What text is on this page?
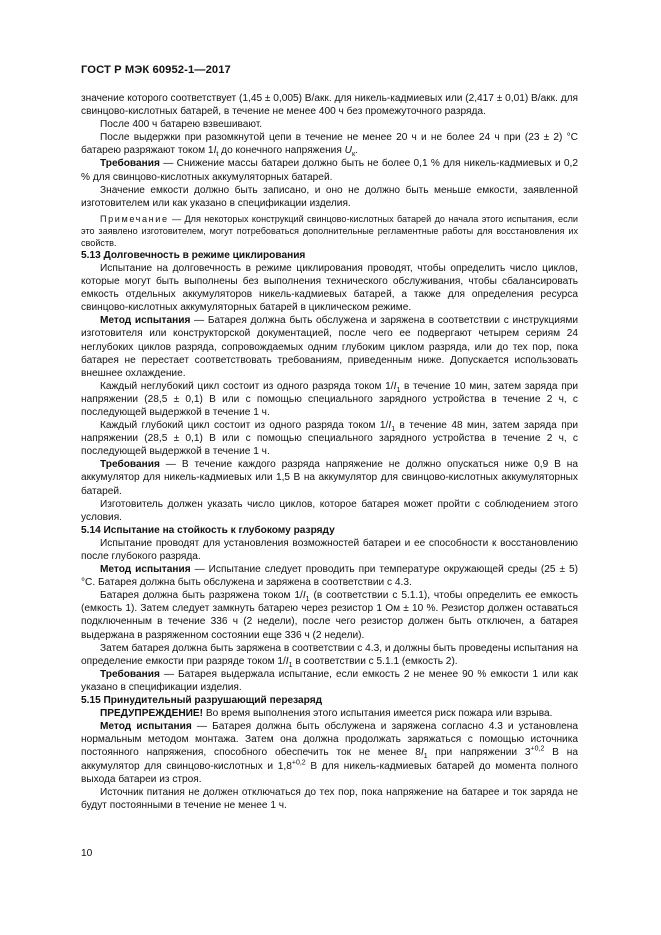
ГОСТ Р МЭК 60952-1—2017

значение которого соответствует (1,45 ± 0,005) В/акк. для никель-кадмиевых или (2,417 ± 0,01) В/акк. для свинцово-кислотных батарей, в течение не менее 400 ч без промежуточного разряда.

После 400 ч батарею взвешивают.

После выдержки при разомкнутой цепи в течение не менее 20 ч и не более 24 ч при (23 ± 2) °С батарею разряжают током $1I_t$ до конечного напряжения $U_к$.

Требования — Снижение массы батареи должно быть не более 0,1 % для никель-кадмиевых и 0,2 % для свинцово-кислотных аккумуляторных батарей.

Значение емкости должно быть записано, и оно не должно быть меньше емкости, заявленной изготовителем или как указано в спецификации изделия.

Примечание — Для некоторых конструкций свинцово-кислотных батарей до начала этого испытания, если это заявлено изготовителем, могут потребоваться дополнительные регламентные работы для восстановления их свойств.

5.13 Долговечность в режиме циклирования

Испытание на долговечность в режиме циклирования проводят, чтобы определить число циклов, которые могут быть выполнены без выполнения технического обслуживания, чтобы сбалансировать емкость отдельных аккумуляторов никель-кадмиевых батарей, а также для определения ресурса свинцово-кислотных аккумуляторных батарей в циклическом режиме.

Метод испытания — Батарея должна быть обслужена и заряжена в соответствии с инструкциями изготовителя или конструкторской документацией, после чего ее подвергают четырем сериям 24 неглубоких циклов разряда, сопровождаемых одним глубоким циклом разряда, или до тех пор, пока батарея не перестает соответствовать требованиям, приведенным ниже. Допускается использовать внешнее охлаждение.

Каждый неглубокий цикл состоит из одного разряда током $1/I_1$ в течение 10 мин, затем заряда при напряжении (28,5 ± 0,1) В или с помощью специального зарядного устройства в течение 2 ч, с последующей выдержкой в течение 1 ч.

Каждый глубокий цикл состоит из одного разряда током $1/I_1$ в течение 48 мин, затем заряда при напряжении (28,5 ± 0,1) В или с помощью специального зарядного устройства в течение 2 ч, с последующей выдержкой в течение 1 ч.

Требования — В течение каждого разряда напряжение не должно опускаться ниже 0,9 В на аккумулятор для никель-кадмиевых или 1,5 В на аккумулятор для свинцово-кислотных аккумуляторных батарей.

Изготовитель должен указать число циклов, которое батарея может пройти с соблюдением этого условия.

5.14 Испытание на стойкость к глубокому разряду

Испытание проводят для установления возможностей батареи и ее способности к восстановлению после глубокого разряда.

Метод испытания — Испытание следует проводить при температуре окружающей среды (25 ± 5) °С. Батарея должна быть обслужена и заряжена в соответствии с 4.3.

Батарея должна быть разряжена током $1/I_1$ (в соответствии с 5.1.1), чтобы определить ее емкость (емкость 1). Затем следует замкнуть батарею через резистор 1 Ом ± 10 %. Резистор должен оставаться подключенным в течение 336 ч (2 недели), после чего резистор должен быть отключен, а батарея выдержана в разряженном состоянии еще 336 ч (2 недели).

Затем батарея должна быть заряжена в соответствии с 4.3, и должны быть проведены испытания на определение емкости при разряде током $1/I_1$ в соответствии с 5.1.1 (емкость 2).

Требования — Батарея выдержала испытание, если емкость 2 не менее 90 % емкости 1 или как указано в спецификации изделия.

5.15 Принудительный разрушающий перезаряд

ПРЕДУПРЕЖДЕНИЕ! Во время выполнения этого испытания имеется риск пожара или взрыва.

Метод испытания — Батарея должна быть обслужена и заряжена согласно 4.3 и установлена нормальным методом монтажа. Затем она должна продолжать заряжаться с помощью источника постоянного напряжения, способного обеспечить ток не менее $8I_1$ при напряжении $3^{+0,2}$ В на аккумулятор для свинцово-кислотных и $1,8^{+0,2}$ В для никель-кадмиевых батарей до момента полного выхода батареи из строя.

Источник питания не должен отключаться до тех пор, пока напряжение на батарее и ток заряда не будут постоянными в течение не менее 1 ч.

10
